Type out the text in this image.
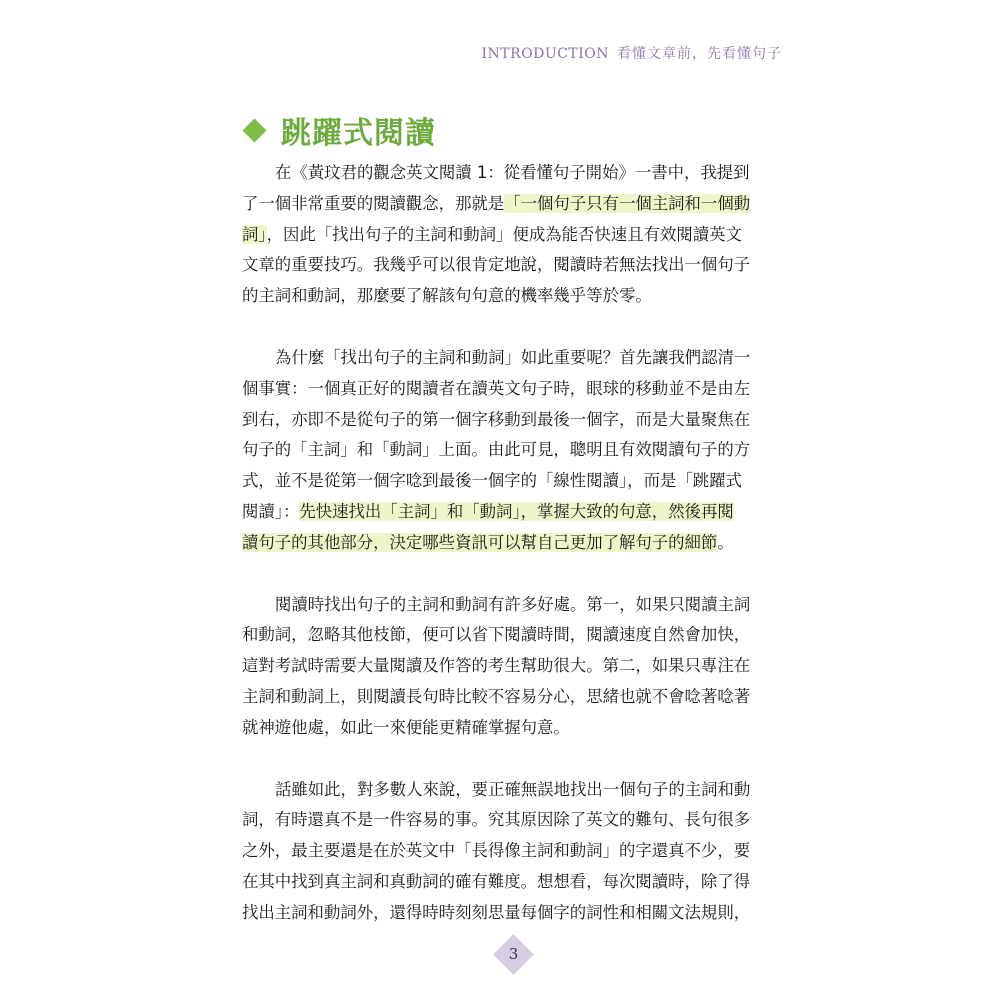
INTRODUCTION 看懂文章前，先看懂句子
跳躍式閱讀

在《黃玟君的觀念英文閱讀 1：從看懂句子開始》一書中，我提到
了一個非常重要的閱讀觀念，那就是「一個句子只有一個主詞和一個動
詞」，因此「找出句子的主詞和動詞」便成為能否快速且有效閱讀英文
文章的重要技巧。我幾乎可以很肯定地說，閱讀時若無法找出一個句子
的主詞和動詞，那麼要了解該句句意的機率幾乎等於零。

為什麼「找出句子的主詞和動詞」如此重要呢？首先讓我們認清一
個事實：一個真正好的閱讀者在讀英文句子時，眼球的移動並不是由左
到右，亦即不是從句子的第一個字移動到最後一個字，而是大量聚焦在
句子的「主詞」和「動詞」上面。由此可見，聰明且有效閱讀句子的方
式，並不是從第一個字唸到最後一個字的「線性閱讀」，而是「跳躍式
閱讀」：先快速找出「主詞」和「動詞」，掌握大致的句意，然後再閱
讀句子的其他部分，決定哪些資訊可以幫自己更加了解句子的細節。

閱讀時找出句子的主詞和動詞有許多好處。第一，如果只閱讀主詞
和動詞，忽略其他枝節，便可以省下閱讀時間，閱讀速度自然會加快，
這對考試時需要大量閱讀及作答的考生幫助很大。第二，如果只專注在
主詞和動詞上，則閱讀長句時比較不容易分心，思緒也就不會唸著唸著
就神遊他處，如此一來便能更精確掌握句意。

話雖如此，對多數人來說，要正確無誤地找出一個句子的主詞和動
詞，有時還真不是一件容易的事。究其原因除了英文的難句、長句很多
之外，最主要還是在於英文中「長得像主詞和動詞」的字還真不少，要
在其中找到真主詞和真動詞的確有難度。想想看，每次閱讀時，除了得
找出主詞和動詞外，還得時時刻刻思量每個字的詞性和相關文法規則，

3
